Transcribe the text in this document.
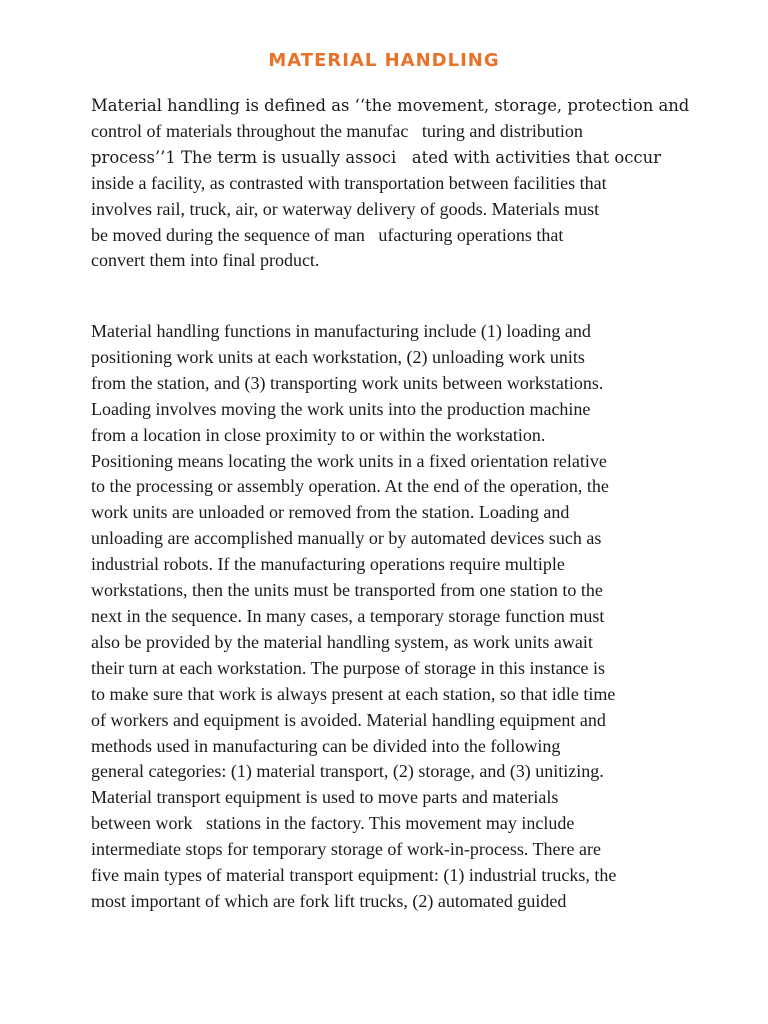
MATERIAL HANDLING

Material handling is defined as ‘‘the movement, storage, protection and
control of materials throughout the manufac   turing and distribution
process’’1 The term is usually associ   ated with activities that occur
inside a facility, as contrasted with transportation between facilities that
involves rail, truck, air, or waterway delivery of goods. Materials must
be moved during the sequence of man   ufacturing operations that
convert them into final product.

Material handling functions in manufacturing include (1) loading and
positioning work units at each workstation, (2) unloading work units
from the station, and (3) transporting work units between workstations.
Loading involves moving the work units into the production machine
from a location in close proximity to or within the workstation.
Positioning means locating the work units in a fixed orientation relative
to the processing or assembly operation. At the end of the operation, the
work units are unloaded or removed from the station. Loading and
unloading are accomplished manually or by automated devices such as
industrial robots. If the manufacturing operations require multiple
workstations, then the units must be transported from one station to the
next in the sequence. In many cases, a temporary storage function must
also be provided by the material handling system, as work units await
their turn at each workstation. The purpose of storage in this instance is
to make sure that work is always present at each station, so that idle time
of workers and equipment is avoided. Material handling equipment and
methods used in manufacturing can be divided into the following
general categories: (1) material transport, (2) storage, and (3) unitizing.
Material transport equipment is used to move parts and materials
between work   stations in the factory. This movement may include
intermediate stops for temporary storage of work-in-process. There are
five main types of material transport equipment: (1) industrial trucks, the
most important of which are fork lift trucks, (2) automated guided
